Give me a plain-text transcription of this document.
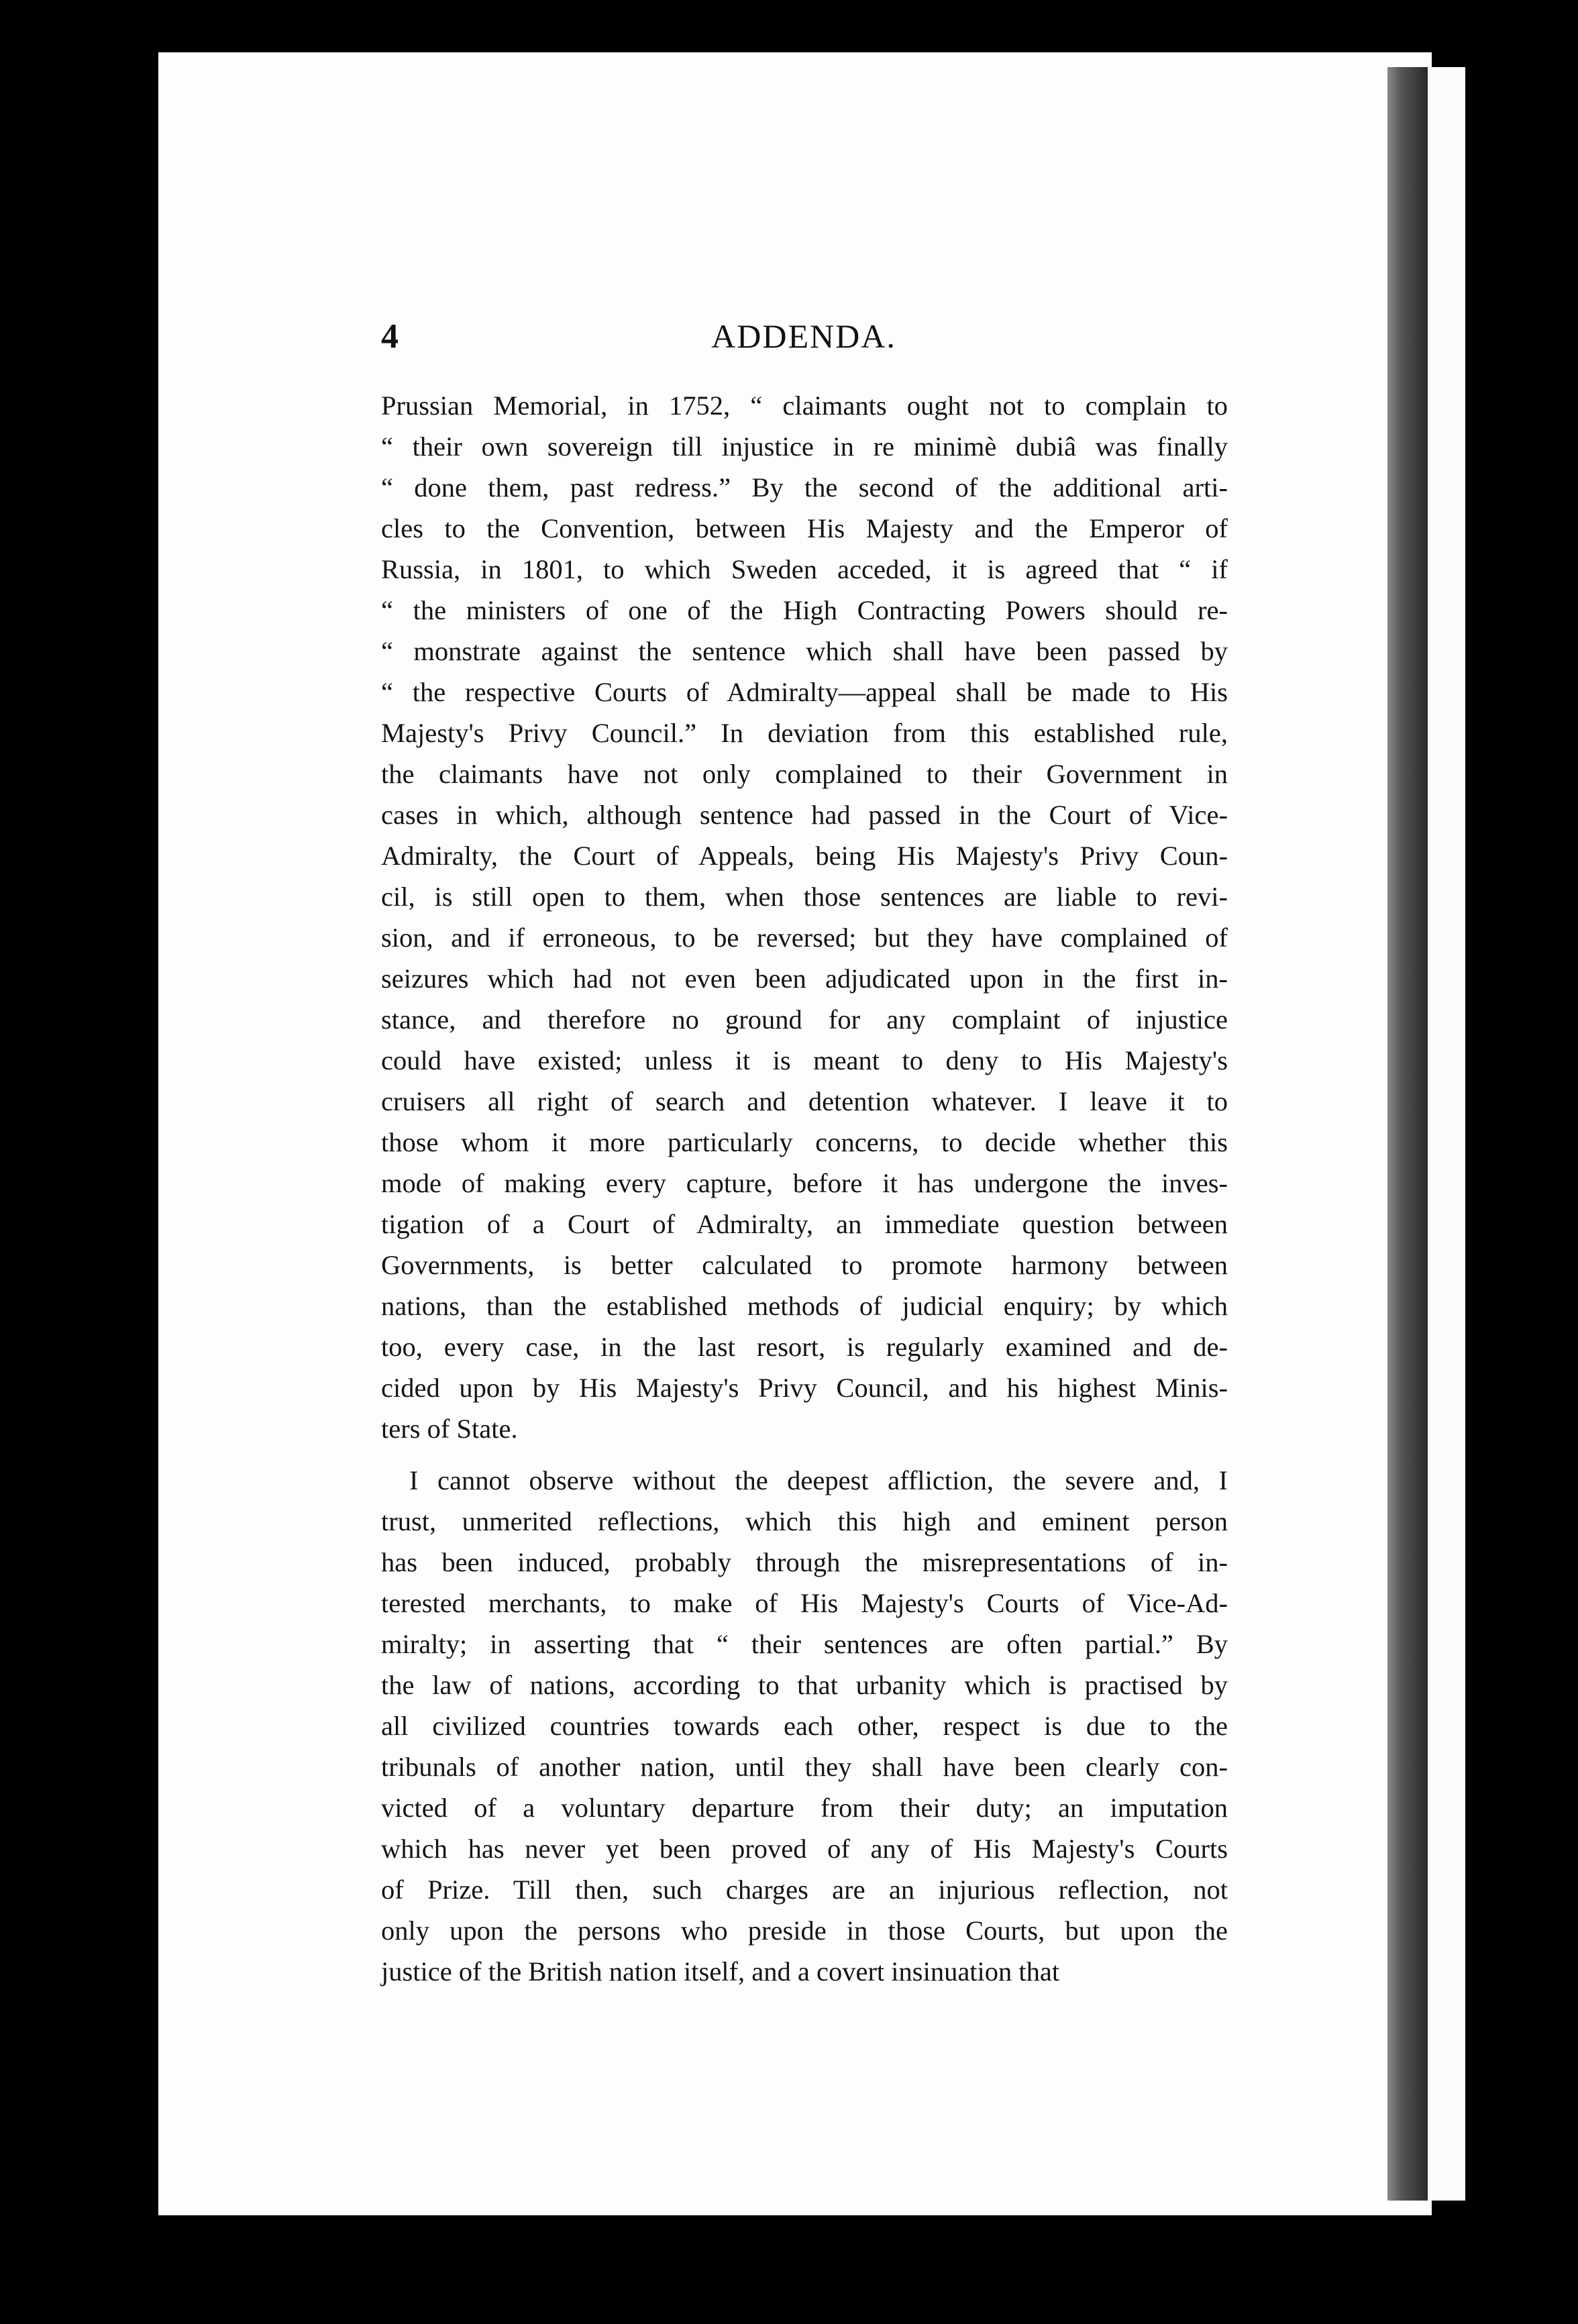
4	ADDENDA.
Prussian Memorial, in 1752, “ claimants ought not to complain to
“ their own sovereign till injustice in re minimè dubiâ was finally
“ done them, past redress.” By the second of the additional arti-
cles to the Convention, between His Majesty and the Emperor of
Russia, in 1801, to which Sweden acceded, it is agreed that “ if
“ the ministers of one of the High Contracting Powers should re-
“ monstrate against the sentence which shall have been passed by
“ the respective Courts of Admiralty—appeal shall be made to His
Majesty's Privy Council.” In deviation from this established rule,
the claimants have not only complained to their Government in
cases in which, although sentence had passed in the Court of Vice-
Admiralty, the Court of Appeals, being His Majesty's Privy Coun-
cil, is still open to them, when those sentences are liable to revi-
sion, and if erroneous, to be reversed; but they have complained of
seizures which had not even been adjudicated upon in the first in-
stance, and therefore no ground for any complaint of injustice
could have existed; unless it is meant to deny to His Majesty's
cruisers all right of search and detention whatever. I leave it to
those whom it more particularly concerns, to decide whether this
mode of making every capture, before it has undergone the inves-
tigation of a Court of Admiralty, an immediate question between
Governments, is better calculated to promote harmony between
nations, than the established methods of judicial enquiry; by which
too, every case, in the last resort, is regularly examined and de-
cided upon by His Majesty's Privy Council, and his highest Minis-
ters of State.
I cannot observe without the deepest affliction, the severe and, I
trust, unmerited reflections, which this high and eminent person
has been induced, probably through the misrepresentations of in-
terested merchants, to make of His Majesty's Courts of Vice-Ad-
miralty; in asserting that “ their sentences are often partial.” By
the law of nations, according to that urbanity which is practised by
all civilized countries towards each other, respect is due to the
tribunals of another nation, until they shall have been clearly con-
victed of a voluntary departure from their duty; an imputation
which has never yet been proved of any of His Majesty's Courts
of Prize. Till then, such charges are an injurious reflection, not
only upon the persons who preside in those Courts, but upon the
justice of the British nation itself, and a covert insinuation that
